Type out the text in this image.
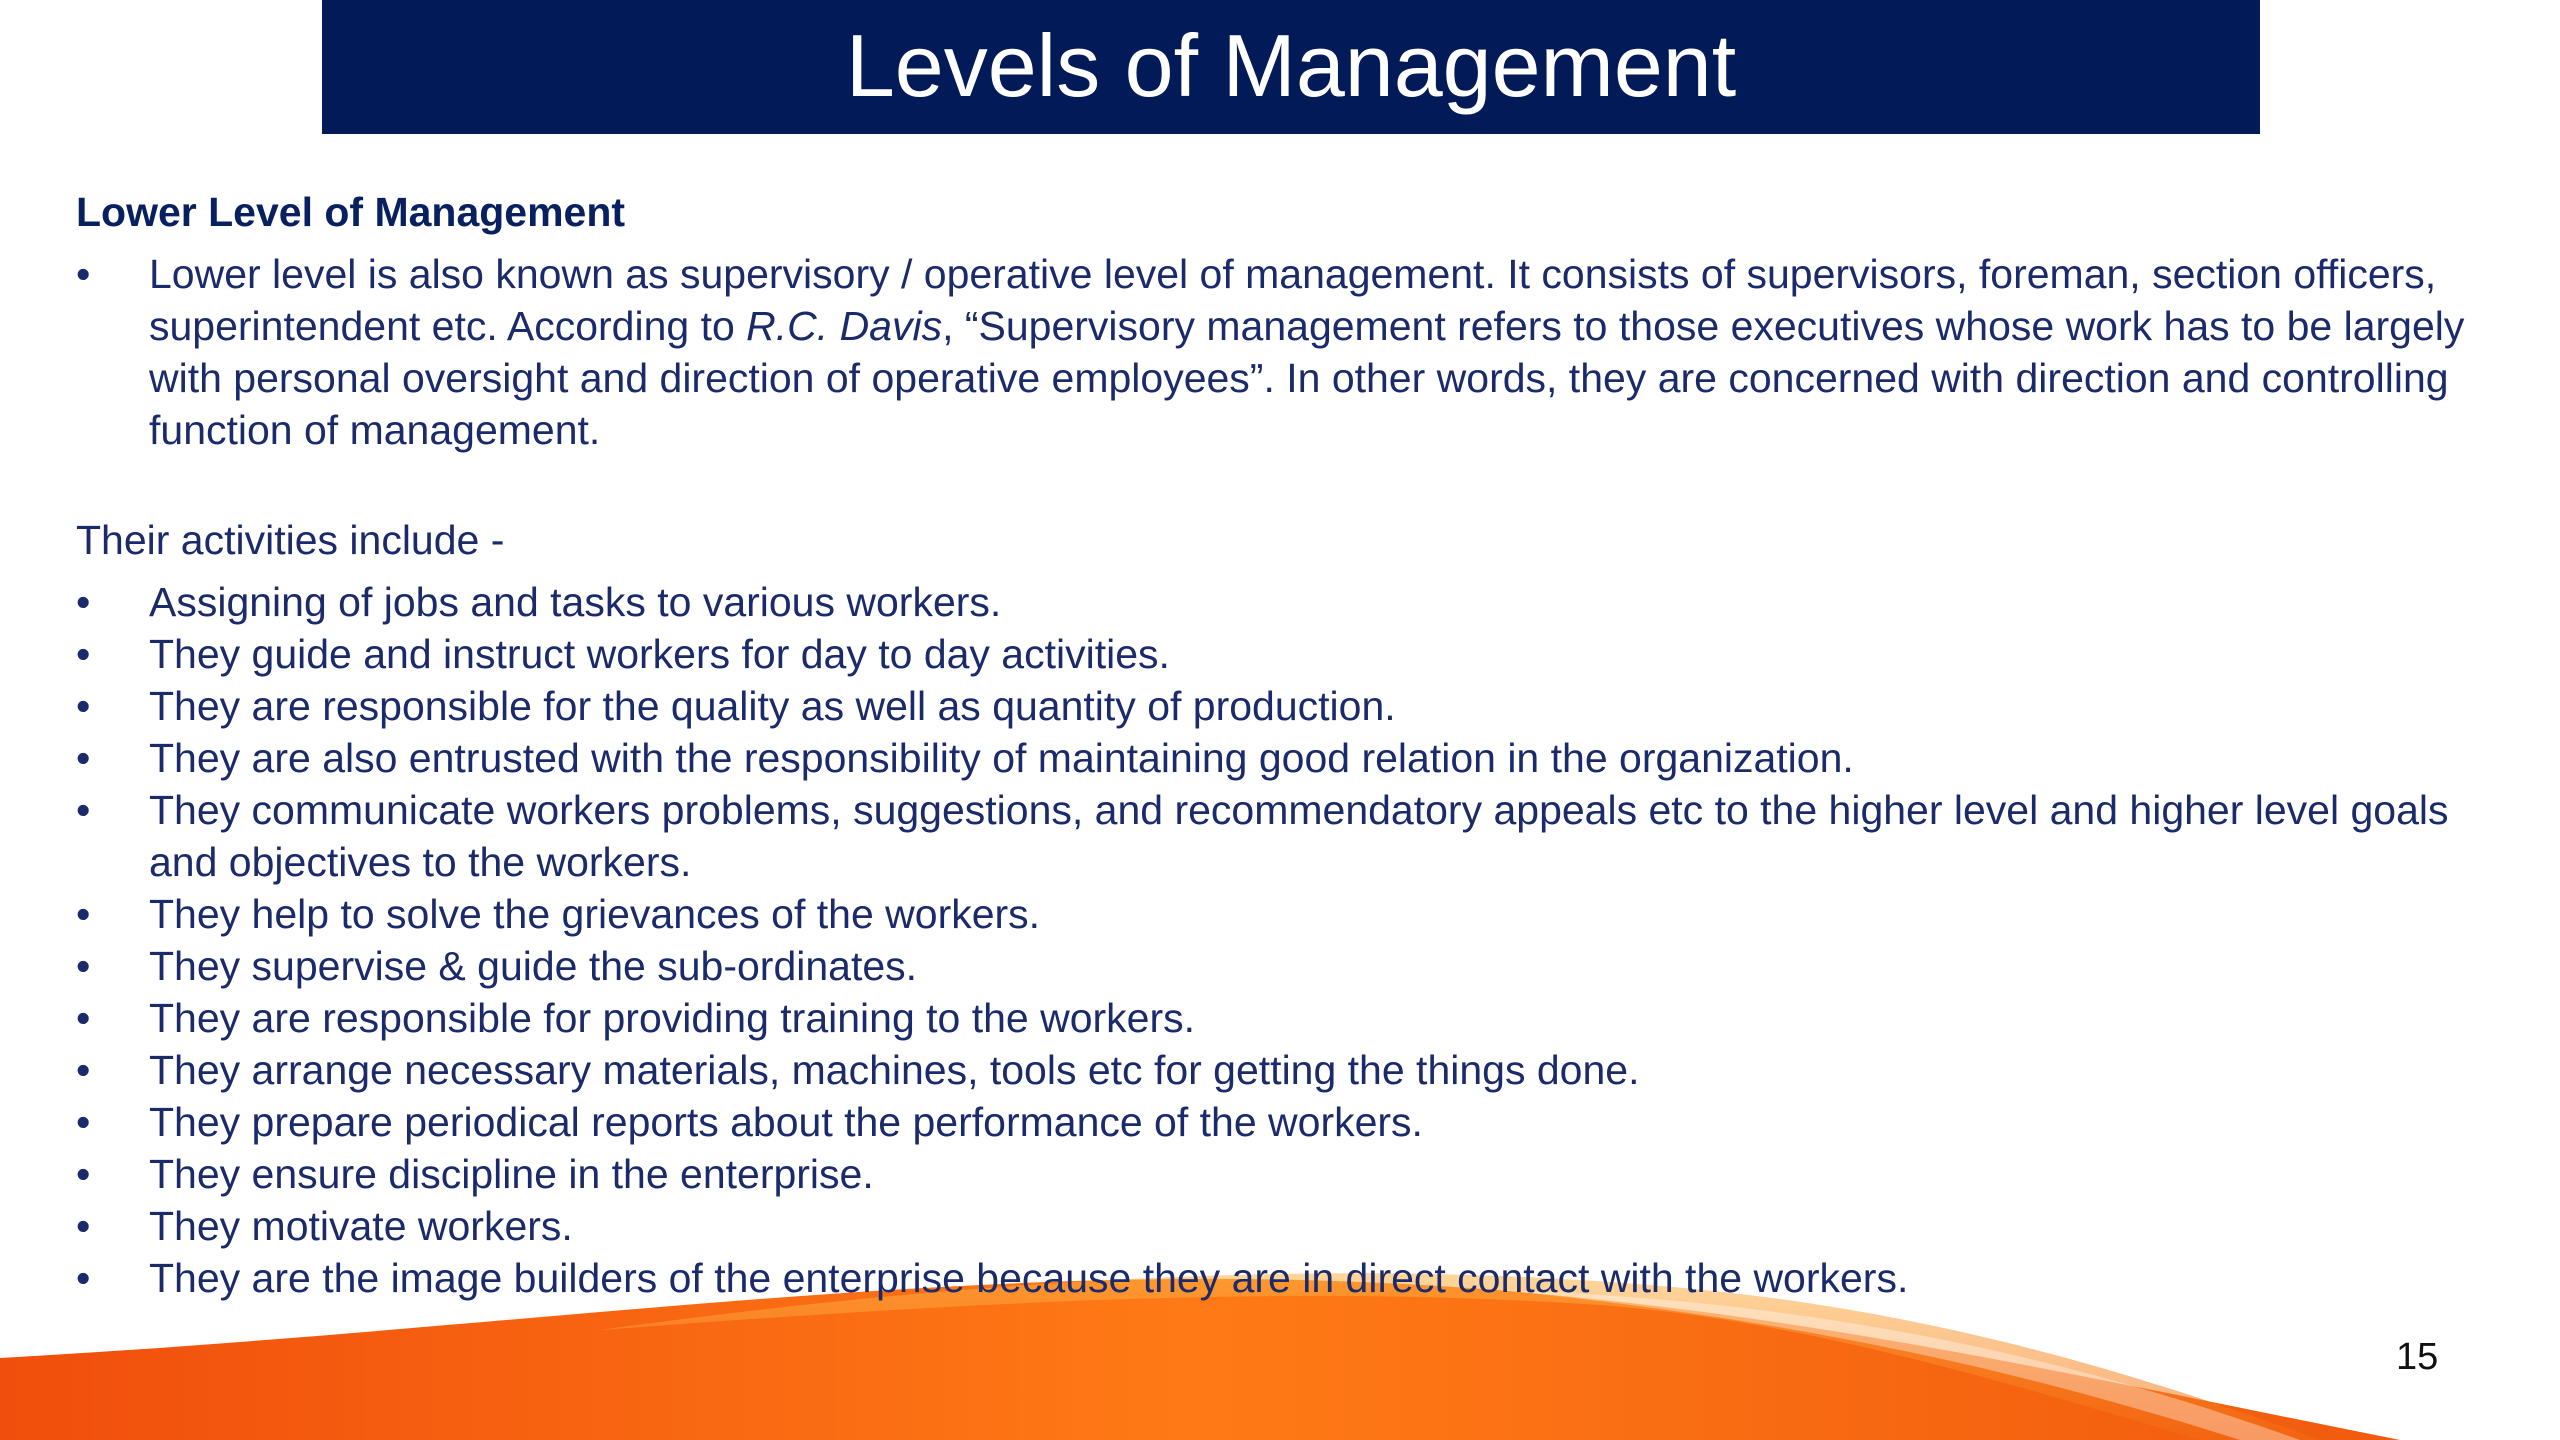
Levels of Management
Lower Level of Management
•	Lower level is also known as supervisory / operative level of management. It consists of supervisors, foreman, section officers, superintendent etc. According to R.C. Davis, “Supervisory management refers to those executives whose work has to be largely with personal oversight and direction of operative employees”. In other words, they are concerned with direction and controlling function of management.
Their activities include -
•	Assigning of jobs and tasks to various workers.
•	They guide and instruct workers for day to day activities.
•	They are responsible for the quality as well as quantity of production.
•	They are also entrusted with the responsibility of maintaining good relation in the organization.
•	They communicate workers problems, suggestions, and recommendatory appeals etc to the higher level and higher level goals and objectives to the workers.
•	They help to solve the grievances of the workers.
•	They supervise & guide the sub-ordinates.
•	They are responsible for providing training to the workers.
•	They arrange necessary materials, machines, tools etc for getting the things done.
•	They prepare periodical reports about the performance of the workers.
•	They ensure discipline in the enterprise.
•	They motivate workers.
•	They are the image builders of the enterprise because they are in direct contact with the workers.
15
